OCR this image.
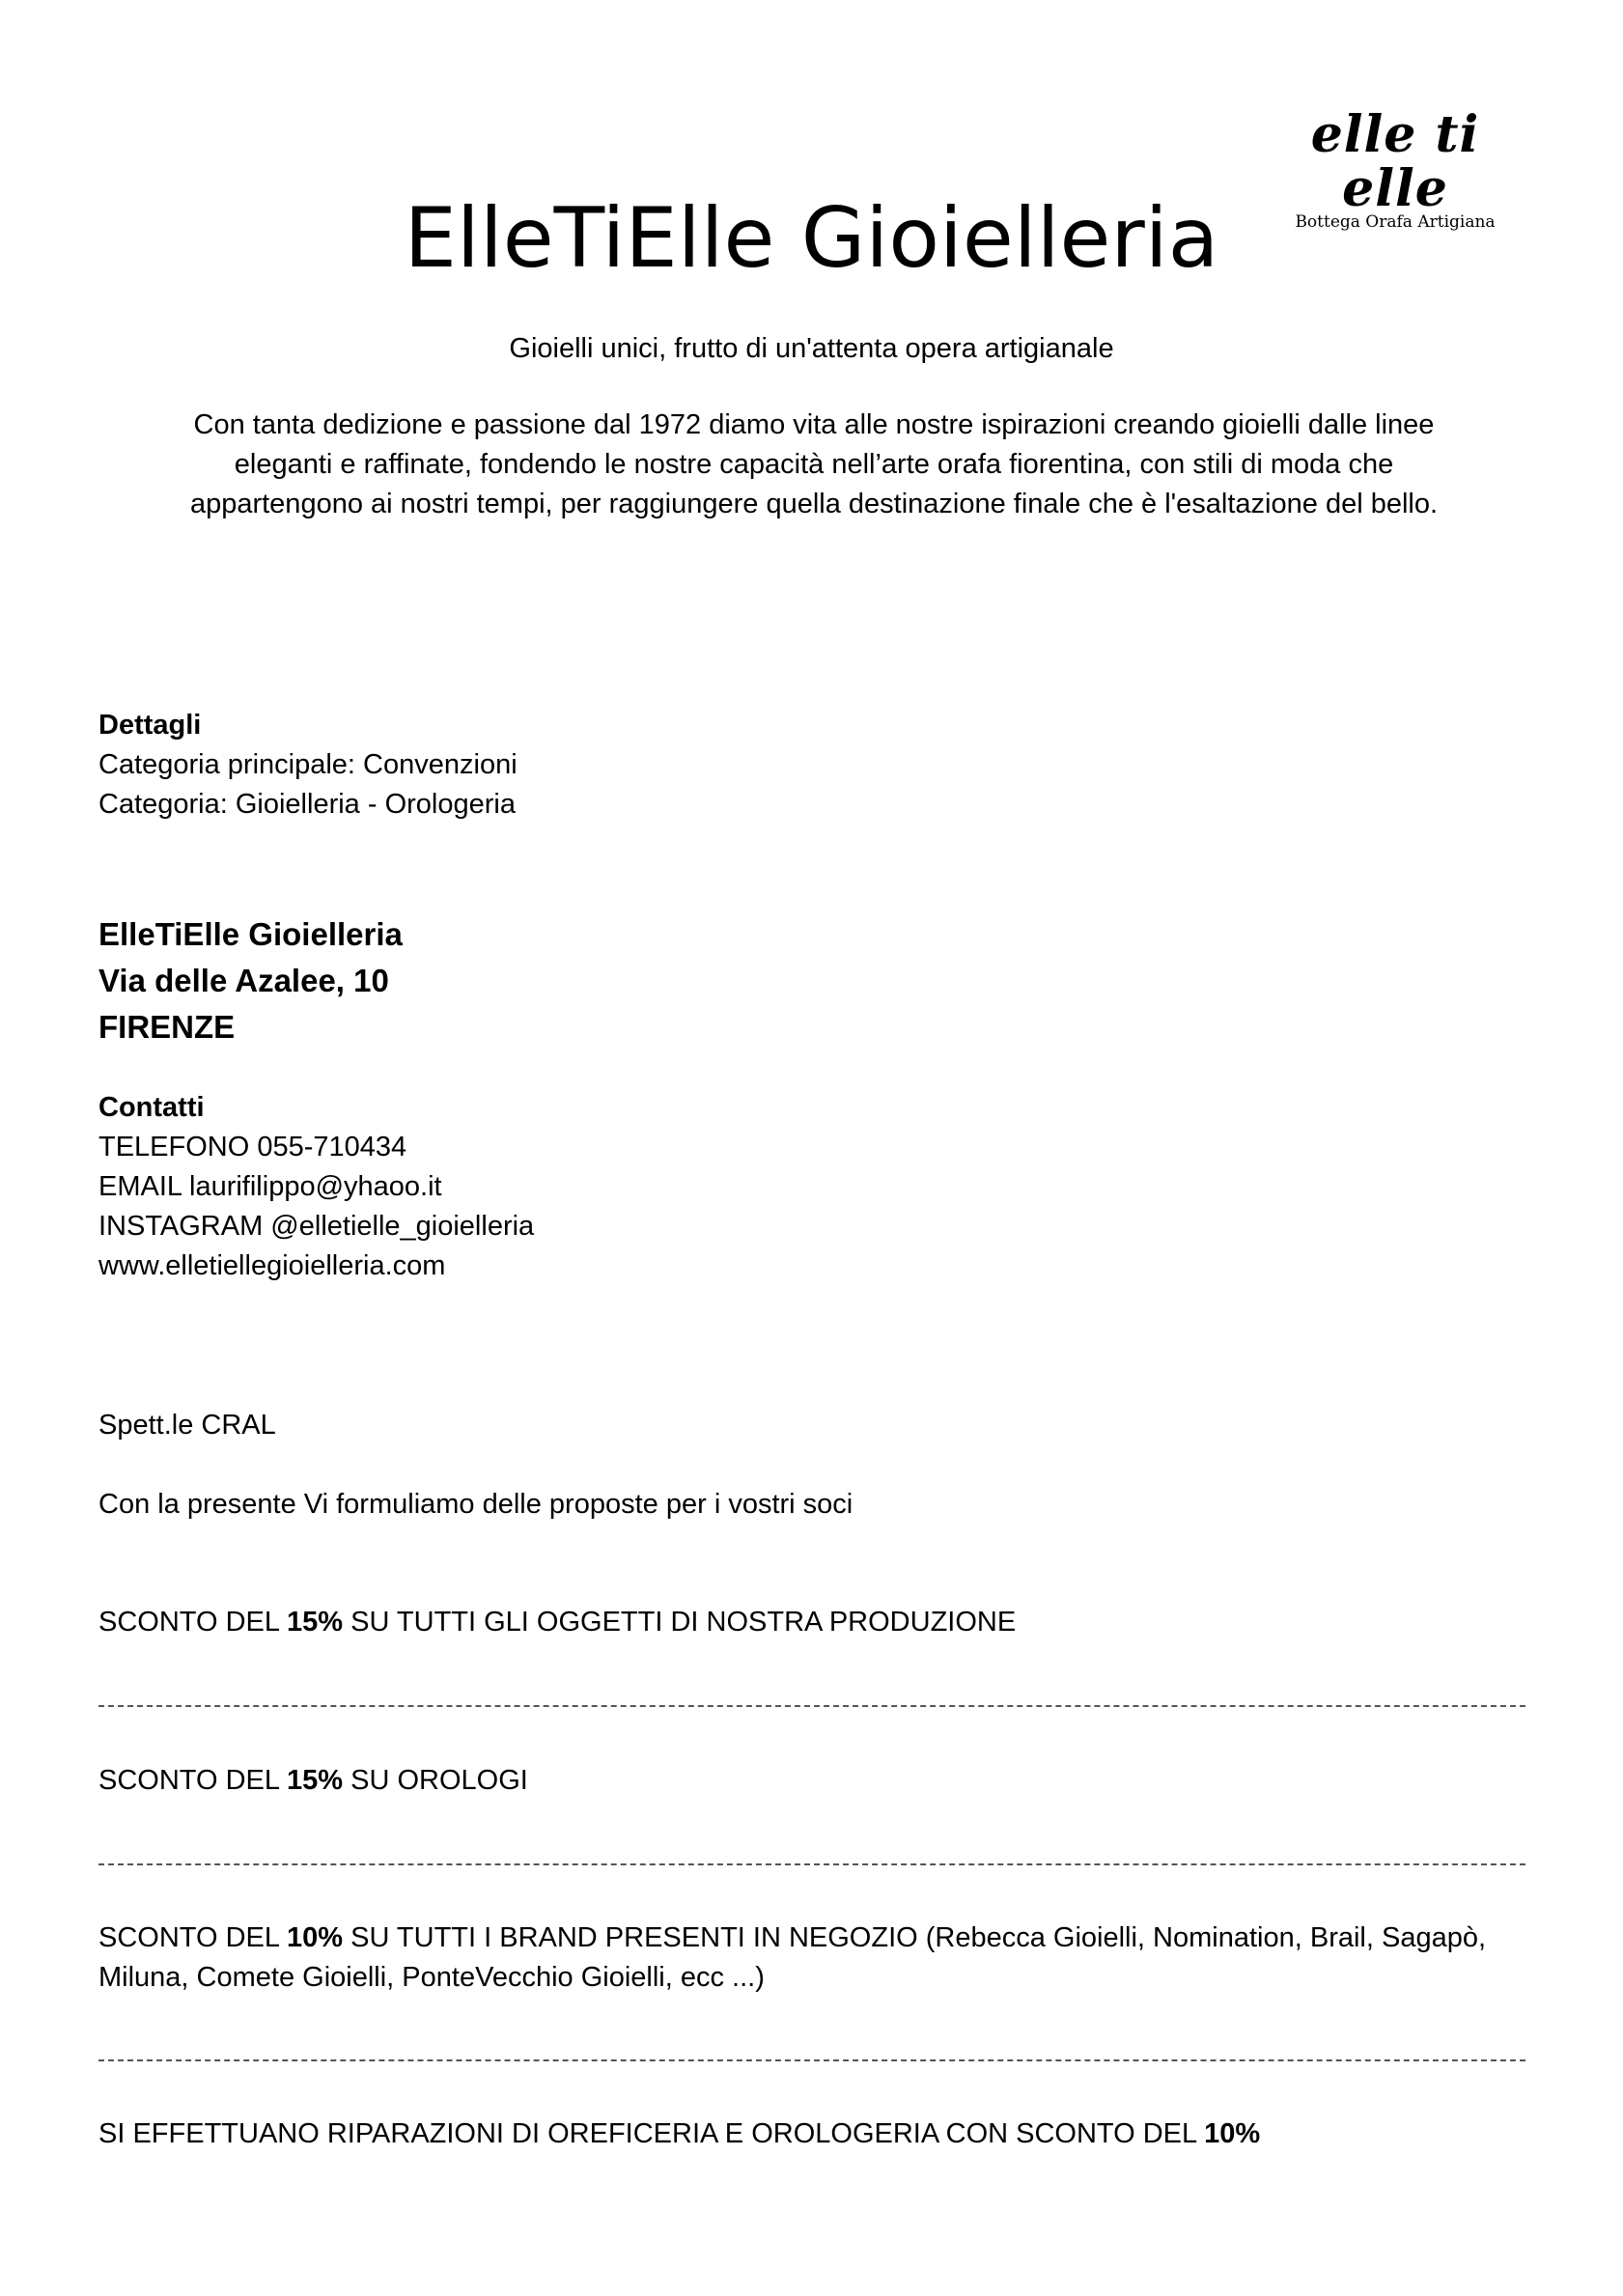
elle ti elle
Bottega Orafa Artigiana
ElleTiElle Gioielleria

Gioielli unici, frutto di un'attenta opera artigianale

Con tanta dedizione e passione dal 1972 diamo vita alle nostre ispirazioni creando gioielli dalle linee eleganti e raffinate, fondendo le nostre capacità nell’arte orafa fiorentina, con stili di moda che appartengono ai nostri tempi, per raggiungere quella destinazione finale che è l'esaltazione del bello.

Dettagli

Categoria principale: Convenzioni

Categoria: Gioielleria - Orologeria

ElleTiElle Gioielleria

Via delle Azalee, 10

FIRENZE

Contatti

TELEFONO 055-710434

EMAIL laurifilippo@yhaoo.it

INSTAGRAM @elletielle_gioielleria

www.elletiellegioielleria.com

Spett.le CRAL

Con la presente Vi formuliamo delle proposte per i vostri soci

SCONTO DEL 15% SU TUTTI GLI OGGETTI DI NOSTRA PRODUZIONE

SCONTO DEL 15% SU OROLOGI

SCONTO DEL 10% SU TUTTI I BRAND PRESENTI IN NEGOZIO (Rebecca Gioielli, Nomination, Brail, Sagapò, Miluna, Comete Gioielli, PonteVecchio Gioielli, ecc ...)

SI EFFETTUANO RIPARAZIONI DI OREFICERIA E OROLOGERIA CON SCONTO DEL 10%
